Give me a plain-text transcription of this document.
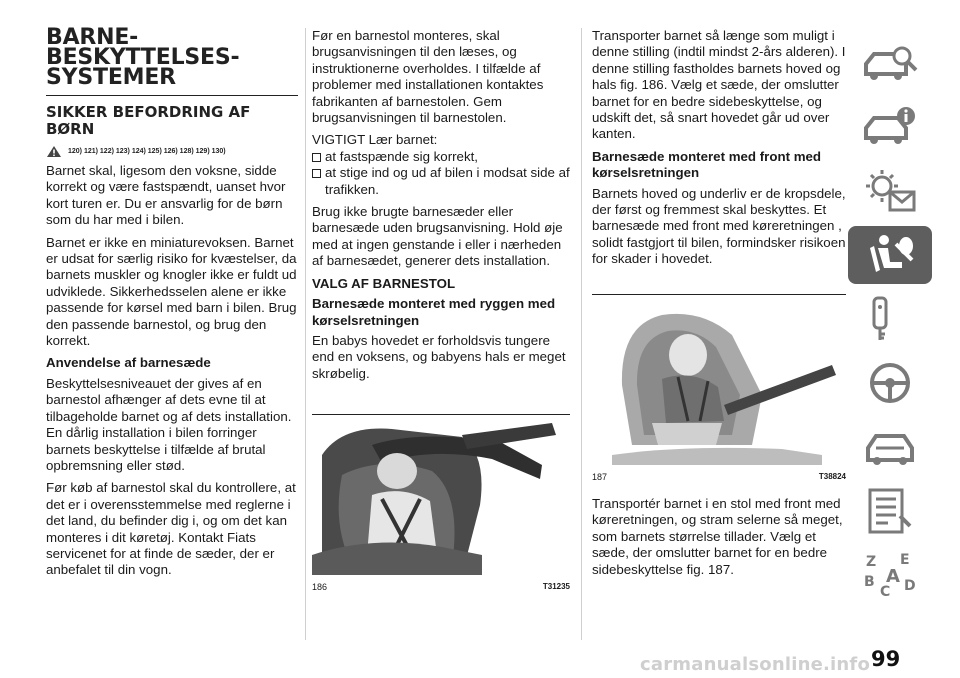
BARNE-
BESKYTTELSES-
SYSTEMER
SIKKER BEFORDRING AF
BØRN
120) 121) 122) 123) 124) 125) 126) 128) 129) 130)

Barnet skal, ligesom den voksne, sidde korrekt og være fastspændt, uanset hvor kort turen er. Du er ansvarlig for de børn som du har med i bilen.

Barnet er ikke en miniaturevoksen. Barnet er udsat for særlig risiko for kvæstelser, da barnets muskler og knogler ikke er fuldt ud udviklede. Sikkerhedsselen alene er ikke passende for kørsel med barn i bilen. Brug den passende barnestol, og brug den korrekt.

Anvendelse af barnesæde

Beskyttelsesniveauet der gives af en barnestol afhænger af dets evne til at tilbageholde barnet og af dets installation. En dårlig installation i bilen forringer barnets beskyttelse i tilfælde af brutal opbremsning eller stød.

Før køb af barnestol skal du kontrollere, at det er i overensstemmelse med reglerne i det land, du befinder dig i, og om det kan monteres i dit køretøj. Kontakt Fiats servicenet for at finde de sæder, der er anbefalet til din vogn.

Før en barnestol monteres, skal brugsanvisningen til den læses, og instruktionerne overholdes. I tilfælde af problemer med installationen kontaktes fabrikanten af barnestolen. Gem brugsanvisningen til barnestolen.

VIGTIGT Lær barnet:

at fastspænde sig korrekt,
at stige ind og ud af bilen i modsat side af trafikken.

Brug ikke brugte barnesæder eller barnesæde uden brugsanvisning. Hold øje med at ingen genstande i eller i nærheden af barnesædet, generer dets installation.

VALG AF BARNESTOL
Barnesæde monteret med ryggen med kørselsretningen

En babys hovedet er forholdsvis tungere end en voksens, og babyens hals er meget skrøbelig.

186	T31235

Transporter barnet så længe som muligt i denne stilling (indtil mindst 2-års alderen). I denne stilling fastholdes barnets hoved og hals fig. 186. Vælg et sæde, der omslutter barnet for en bedre sidebeskyttelse, og udskift det, så snart hovedet går ud over kanten.

Barnesæde monteret med front med kørselsretningen

Barnets hoved og underliv er de kropsdele, der først og fremmest skal beskyttes. Et barnesæde med front med køreretningen , solidt fastgjort til bilen, formindsker risikoen for skader i hovedet.

187	T38824

Transportér barnet i en stol med front med køreretningen, og stram selerne så meget, som barnets størrelse tillader. Vælg et sæde, der omslutter barnet for en bedre sidebeskyttelse fig. 187.	Z E
B
C
A D
carmanualsonline.info 99
